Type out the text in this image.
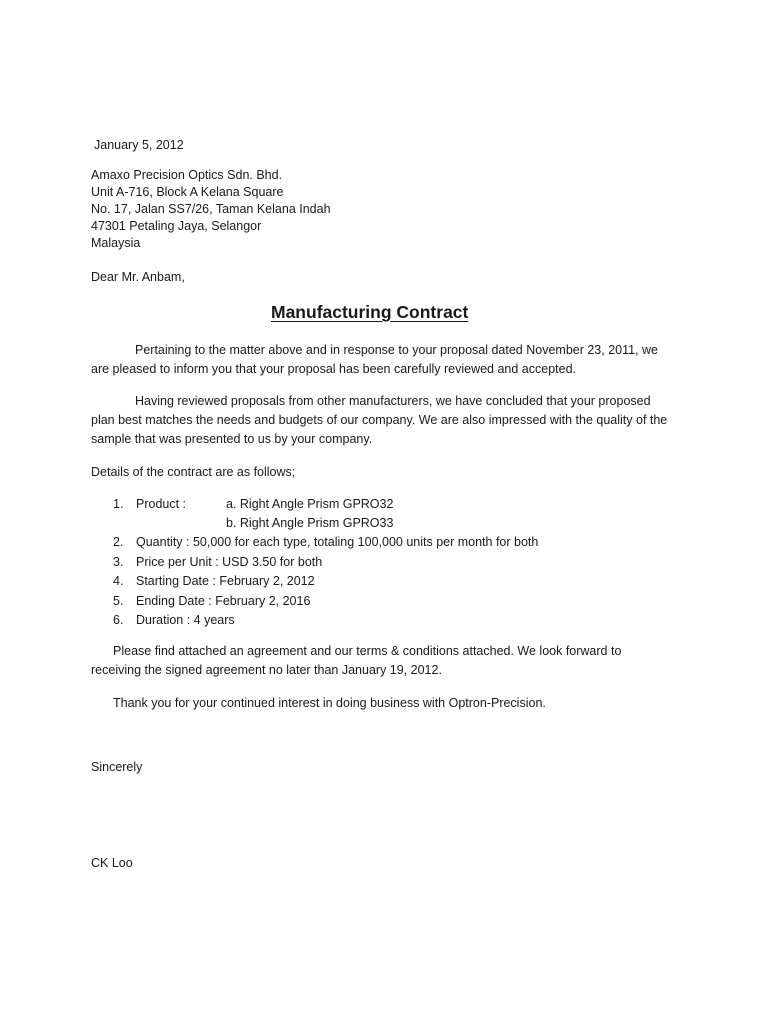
January 5, 2012
Amaxo Precision Optics Sdn. Bhd.
Unit A-716, Block A Kelana Square
No. 17, Jalan SS7/26, Taman Kelana Indah
47301 Petaling Jaya, Selangor
Malaysia
Dear Mr. Anbam,
Manufacturing Contract
Pertaining to the matter above and in response to your proposal dated November 23, 2011, we
are pleased to inform you that your proposal has been carefully reviewed and accepted.
Having reviewed proposals from other manufacturers, we have concluded that your proposed
plan best matches the needs and budgets of our company. We are also impressed with the quality of the
sample that was presented to us by your company.
Details of the contract are as follows;
1. Product :	a. Right Angle Prism GPRO32
b. Right Angle Prism GPRO33
2. Quantity : 50,000 for each type, totaling 100,000 units per month for both
3. Price per Unit : USD 3.50 for both
4. Starting Date : February 2, 2012
5. Ending Date : February 2, 2016
6. Duration : 4 years
Please find attached an agreement and our terms & conditions attached. We look forward to
receiving the signed agreement no later than January 19, 2012.
Thank you for your continued interest in doing business with Optron-Precision.
Sincerely
CK Loo
